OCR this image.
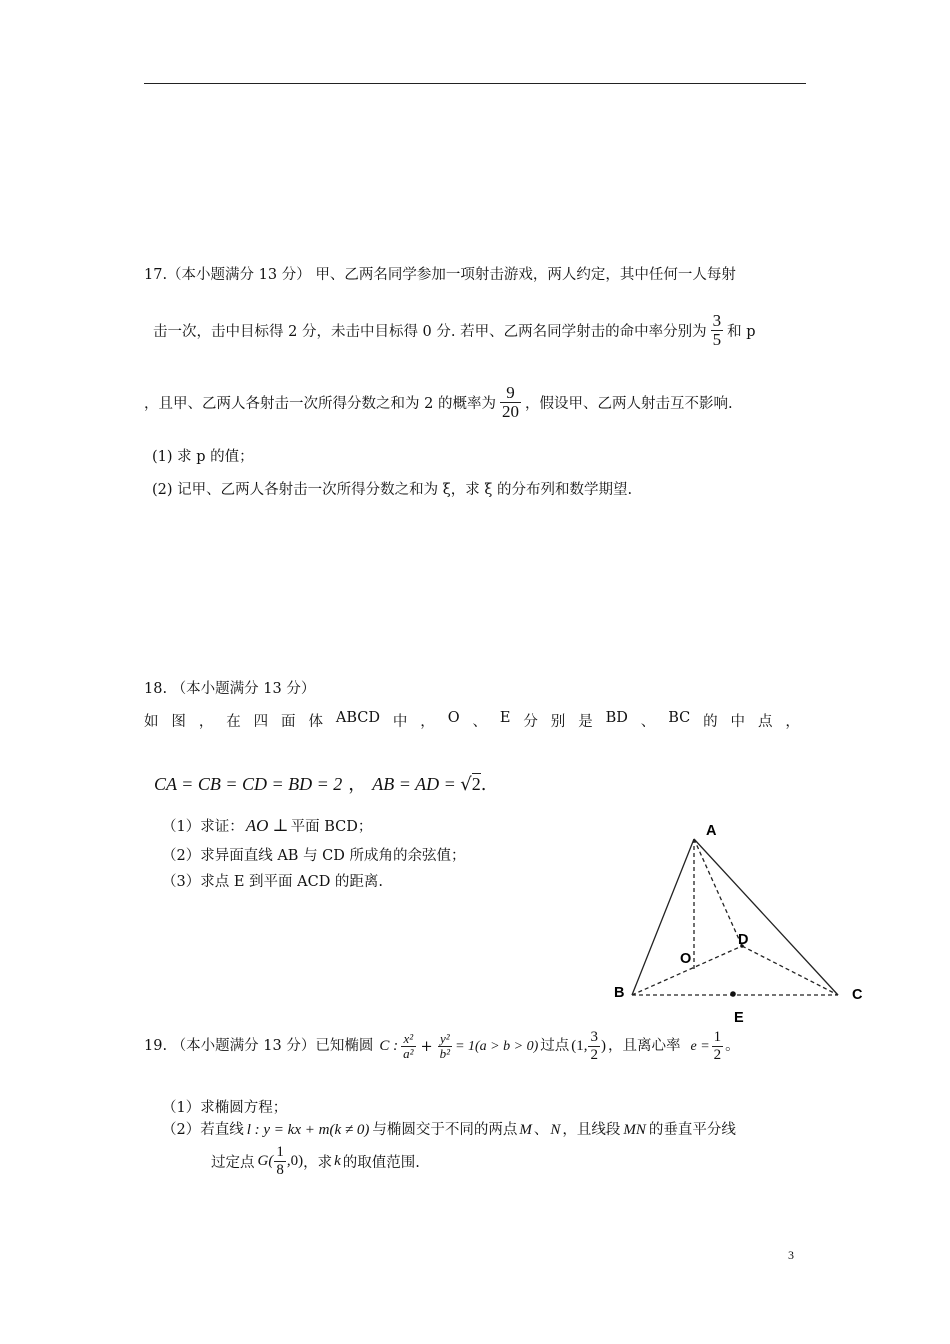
17.（本小题满分 13 分） 甲、乙两名同学参加一项射击游戏，两人约定，其中任何一人每射
击一次，击中目标得 2 分，未击中目标得 0 分. 若甲、乙两名同学射击的命中率分别为 $\frac{3}{5}$ 和 p
，且甲、乙两人各射击一次所得分数之和为 2 的概率为 $\frac{9}{20}$ ，假设甲、乙两人射击互不影响.
(1) 求 p 的值；
(2) 记甲、乙两人各射击一次所得分数之和为 ξ，求 ξ 的分布列和数学期望.
18. （本小题满分 13 分）
如 图 ， 在 四 面 体 ABCD 中 ， O 、 E 分 别 是 BD 、 BC 的 中 点 ，
CA = CB = CD = BD = 2 ， AB = AD = √2.
（1）求证： AO ⊥ 平面 BCD；
（2）求异面直线 AB 与 CD 所成角的余弦值；
（3）求点 E 到平面 ACD 的距离.
A
B	C
D
O
E
19. （本小题满分 13 分）已知椭圆 C : $\frac{\text{x²}}{\text{a²}} + \frac{\text{y²}}{\text{b²}} = 1(a > b > 0)$ 过点 (1, $\frac{3}{2}$ ) ，且离心率 $e = \frac{1}{2}$ 。
（1）求椭圆方程；
（2）若直线 l : y = kx + m(k ≠ 0) 与椭圆交于不同的两点 M 、 N ，且线段 MN 的垂直平分线
过定点 $G( \frac{1}{8} ,0)$ ，求 k 的取值范围.
3
